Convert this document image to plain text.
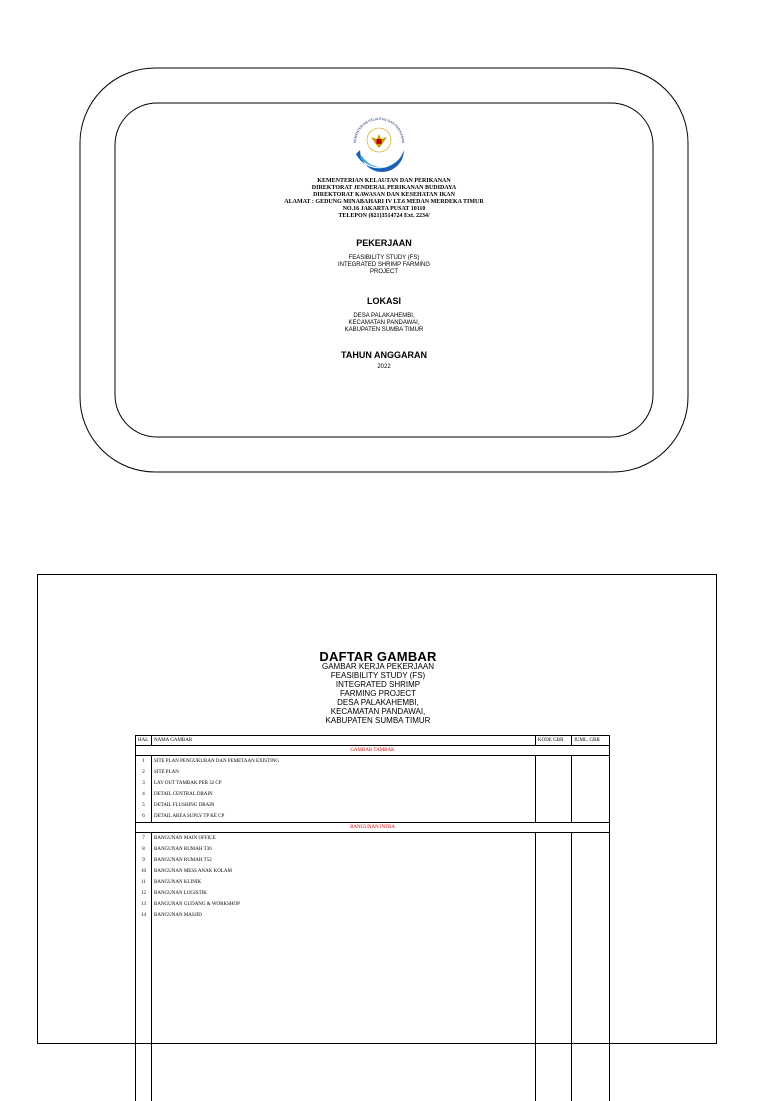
KEMENTERIAN KELAUTAN DAN PERIKANAN
KEMENTERIAN KELAUTAN DAN PERIKANAN
DIREKTORAT JENDERAL PERIKANAN BUDIDAYA
DIREKTORAT KAWASAN DAN KESEHATAN IKAN
ALAMAT : GEDUNG MINABAHARI IV LT.6 MEDAN MERDEKA TIMUR
NO.16 JAKARTA PUSAT 10110
TELEPON (021)3514724 Ext. 2234/
PEKERJAAN
FEASIBILITY STUDY (FS)
INTEGRATED SHRIMP FARMING
PROJECT
LOKASI
DESA PALAKAHEMBI,
KECAMATAN PANDAWAI,
KABUPATEN SUMBA TIMUR
TAHUN ANGGARAN
2022
DAFTAR GAMBAR
GAMBAR KERJA PEKERJAAN
FEASIBILITY STUDY (FS)
INTEGRATED SHRIMP
FARMING PROJECT
DESA PALAKAHEMBI,
KECAMATAN PANDAWAI,
KABUPATEN SUMBA TIMUR
HAL	NAMA GAMBAR	KODE GBR	JUML. GBR
GAMBAR TAMBAK			
1	SITE PLAN PENGUKURAN DAN PEMETAAN EXISTING		
2	SITE PLAN		
3	LAY OUT TAMBAK PER 32 CP		
4	DETAIL CENTRAL DRAIN		
5	DETAIL FLUSHING DRAIN		
6	DETAIL AREA SUPLY TP KE CP		
BANGUNAN INFRA			
7	BANGUNAN MAIN OFFICE		
8	BANGUNAN RUMAH T36		
9	BANGUNAN RUMAH T52		
10	BANGUNAN MESS ANAK KOLAM		
11	BANGUNAN KLINIK		
12	BANGUNAN LOGISTIK		
13	BANGUNAN GUDANG & WORKSHOP		
14	BANGUNAN MASJID		
